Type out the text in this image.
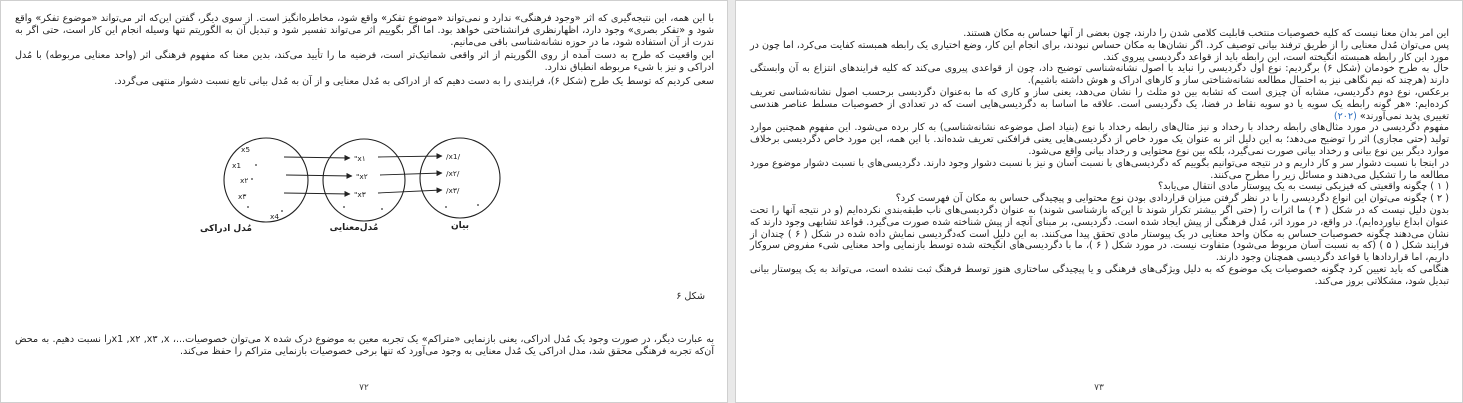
با این همه، این نتیجه‌گیری که اثر «وجود فرهنگی» ندارد و نمی‌تواند «موضوع تفکر» واقع شود، مخاطره‌انگیز است. از سوی دیگر، گفتن این‌که اثر می‌تواند «موضوع تفکر» واقع شود و «تفکر بصری» وجود دارد، اظهارنظری فرانشناختی خواهد بود. اما اگر بگوییم اثر می‌تواند تفسیر شود و تبدیل آن به الگوریتم تنها وسیله انجام این کار است، حتی اگر به ندرت از آن استفاده شود، ما در حوزه نشانه‌شناسی باقی می‌مانیم.

این واقعیت که طرح به دست آمده از روی الگوریتم از اثر واقعی شماتیک‌تر است، فرضیه ما را تأیید می‌کند، بدین معنا که مفهوم فرهنگی اثر (واحد معنایی مربوطه) با مُدل ادراکی و نیز با شیء مربوطه انطباق ندارد.

سعی کردیم که توسط یک طرح (شکل ۶)، فرایندی را به دست دهیم که از ادراکی به مُدل معنایی و از آن به مُدل بیانی تابع نسبت دشوار منتهی می‌گردد.

x5
x1
x۲
x۳
x4
"x۱
"x۲
"x۳
/x1/
/x۲/
/x۳/
مُدل ادراکی	مُدل‌معنایی	بیان
شکل ۶

به عبارت دیگر، در صورت وجود یک مُدل ادراکی، یعنی بازنمایی «متراکم» یک تجربه معین به موضوع درک شده x می‌توان خصوصیات...، x1 ,x۲ ,x۳ ,xرا نسبت دهیم. به محض آن‌که تجربه فرهنگی محقق شد، مدل ادراکی یک مُدل معنایی به وجود می‌آورد که تنها برخی خصوصیات بازنمایی متراکم را حفظ می‌کند.

۷۲

این امر بدان معنا نیست که کلیه خصوصیات منتخب قابلیت کلامی شدن را دارند، چون بعضی از آنها حساس به مکان هستند.

پس می‌توان مُدل معنایی را از طریق ترفند بیانی توصیف کرد. اگر نشان‌ها به مکان حساس نبودند، برای انجام این کار، وضع اختیاری یک رابطه همبسته کفایت می‌کرد، اما چون در مورد این کار رابطه همبسته انگیخته است، این رابطه باید از قواعد دگردیسی پیروی کند.

حال به طرح خودمان (شکل ۶) برگردیم: نوع اول دگردیسی را نباید با اصول نشانه‌شناسی توضیح داد، چون از قواعدی پیروی می‌کند که کلیه فرایندهای انتزاع به آن وابستگی دارند (هرچند که نیم نگاهی نیز به احتمال مطالعه نشانه‌شناختی ساز و کارهای ادراک و هوش داشته باشیم).

برعکس، نوع دوم دگردیسی، مشابه آن چیزی است که تشابه بین دو مثلث را نشان می‌دهد، یعنی ساز و کاری که ما به‌عنوان دگردیسی برحسب اصول نشانه‌شناسی تعریف کرده‌ایم: «هر گونه رابطه یک سویه یا دو سویه نقاط در فضا، یک دگردیسی است. علاقه ما اساسا به دگردیسی‌هایی است که در تعدادی از خصوصیات مسلط عناصر هندسی تغییری پدید نمی‌آورند» (۲۰۲)

مفهوم دگردیسی در مورد مثال‌های رابطه رخداد با رخداد و نیز مثال‌های رابطه رخداد با نوع (بنیاد اصل موضوعه نشانه‌شناسی) به کار برده می‌شود. این مفهوم همچنین موارد تولید (حتی مجازی) اثر را توضیح می‌دهد؛ به این دلیل اثر به عنوان یک مورد خاص از دگردیسی‌هایی یعنی فرافکنی تعریف شده‌اند. با این همه، این مورد خاص دگردیسی برخلاف موارد دیگر بین نوع بیانی و رخداد بیانی صورت نمی‌گیرد، بلکه بین نوع محتوایی و رخداد بیانی واقع می‌شود.

در اینجا با نسبت دشوار سر و کار داریم و در نتیجه می‌توانیم بگوییم که دگردیسی‌های با نسبت آسان و نیز با نسبت دشوار وجود دارند. دگردیسی‌های با نسبت دشوار موضوع مورد مطالعه ما را تشکیل می‌دهند و مسائل زیر را مطرح می‌کنند.

( ۱ ) چگونه واقعیتی که فیزیکی نیست به یک پیوستار مادی انتقال می‌یابد؟

( ۲ ) چگونه می‌توان این انواع دگردیسی را با در نظر گرفتن میزان قراردادی بودن نوع محتوایی و پیچیدگی حساس به مکان آن فهرست کرد؟

بدون دلیل نیست که در شکل ( ۴ ) ما اثرات را (حتی اگر بیشتر تکرار شوند تا این‌که بازشناسی شوند) به عنوان دگردیسی‌های ناب طبقه‌بندی نکرده‌ایم (و در نتیجه آنها را تحت عنوان ابداع نیاورده‌ایم). در واقع، در مورد اثر، مُدل فرهنگی از پیش ایجاد شده است. دگردیسی، بر مبنای آنچه از پیش شناخته شده صورت می‌گیرد. قواعد تشابهی وجود دارند که نشان می‌دهند چگونه خصوصیات حساس به مکان واحد معنایی در یک پیوستار مادی تحقق پیدا می‌کنند. به این دلیل است که‌دگردیسی نمایش داده شده در شکل ( ۶ ) چندان از فرایند شکل ( ۵ ) (که به نسبت آسان مربوط می‌شود) متفاوت نیست. در مورد شکل ( ۶ )، ما با دگردیسی‌های انگیخته شده توسط بازنمایی واحد معنایی شیء مفروض سروکار داریم، اما قراردادها یا قواعد دگردیسی همچنان وجود دارند.

هنگامی که باید تعیین کرد چگونه خصوصیات یک موضوع که به دلیل ویژگی‌های فرهنگی و یا پیچیدگی ساختاری هنوز توسط فرهنگ ثبت نشده است، می‌تواند به یک پیوستار بیانی تبدیل شود، مشکلاتی بروز می‌کند.

۷۳
